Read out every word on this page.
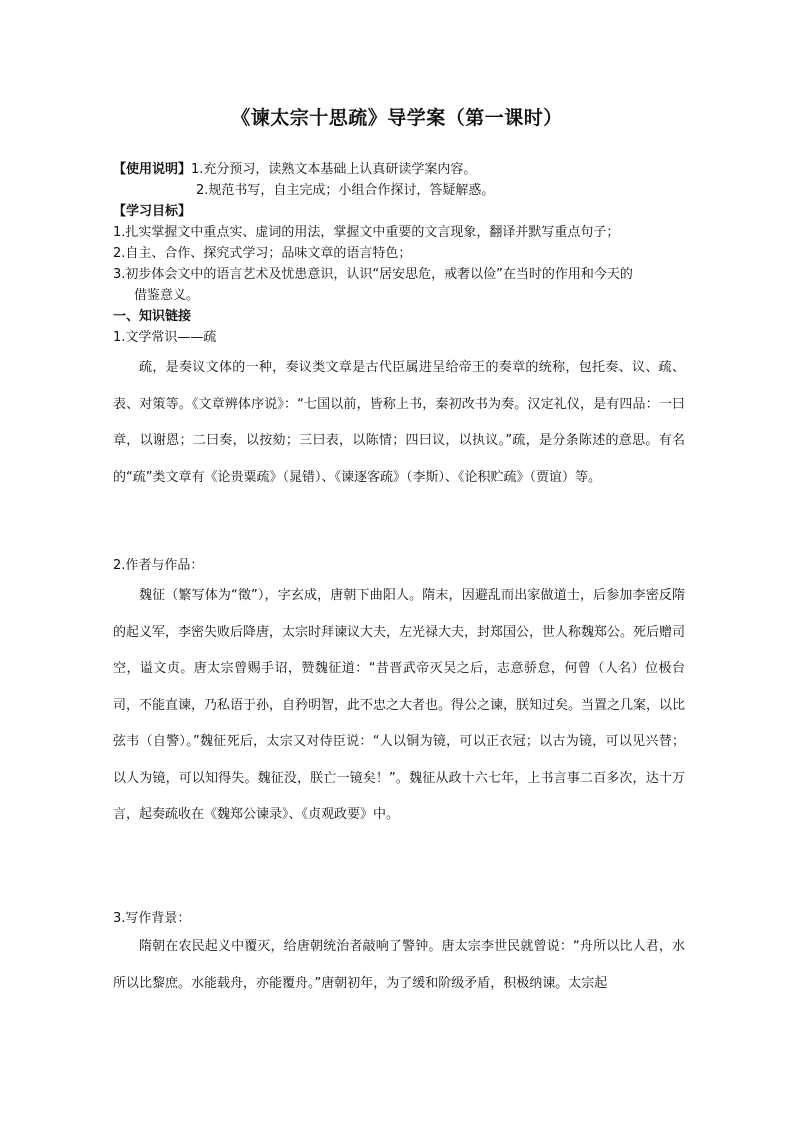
《谏太宗十思疏》导学案（第一课时）
【使用说明】1.充分预习，读熟文本基础上认真研读学案内容。
2.规范书写，自主完成；小组合作探讨，答疑解惑。
【学习目标】
1.扎实掌握文中重点实、虚词的用法，掌握文中重要的文言现象，翻译并默写重点句子；
2.自主、合作、探究式学习；品味文章的语言特色；
3.初步体会文中的语言艺术及忧患意识，认识“居安思危，戒奢以俭”在当时的作用和今天的
借鉴意义。
一、知识链接
1.文学常识——疏
疏，是奏议文体的一种，奏议类文章是古代臣属进呈给帝王的奏章的统称，包托奏、议、疏、表、对策等。《文章辨体序说》：“七国以前，皆称上书，秦初改书为奏。汉定礼仪，是有四品：一曰章，以谢恩；二曰奏，以按劾；三曰表，以陈情；四曰议，以执议。”疏，是分条陈述的意思。有名的“疏”类文章有《论贵粟疏》（晁错）、《谏逐客疏》（李斯）、《论积贮疏》（贾谊）等。
2.作者与作品：
魏征（繁写体为“徵”），字玄成，唐朝下曲阳人。隋末，因避乱而出家做道士，后参加李密反隋的起义军，李密失败后降唐，太宗时拜谏议大夫，左光禄大夫，封郑国公，世人称魏郑公。死后赠司空，谥文贞。唐太宗曾赐手诏，赞魏征道：“昔晋武帝灭吴之后，志意骄怠，何曾（人名）位极台司，不能直谏，乃私语于孙，自矜明智，此不忠之大者也。得公之谏，朕知过矣。当置之几案，以比弦韦（自警）。”魏征死后，太宗又对侍臣说：“人以铜为镜，可以正衣冠；以古为镜，可以见兴替；以人为镜，可以知得失。魏征没，朕亡一镜矣！”。魏征从政十六七年，上书言事二百多次，达十万言，起奏疏收在《魏郑公谏录》、《贞观政要》中。
3.写作背景：
隋朝在农民起义中覆灭，给唐朝统治者敲响了警钟。唐太宗李世民就曾说：“舟所以比人君，水所以比黎庶。水能载舟，亦能覆舟。”唐朝初年，为了缓和阶级矛盾，积极纳谏。太宗起
